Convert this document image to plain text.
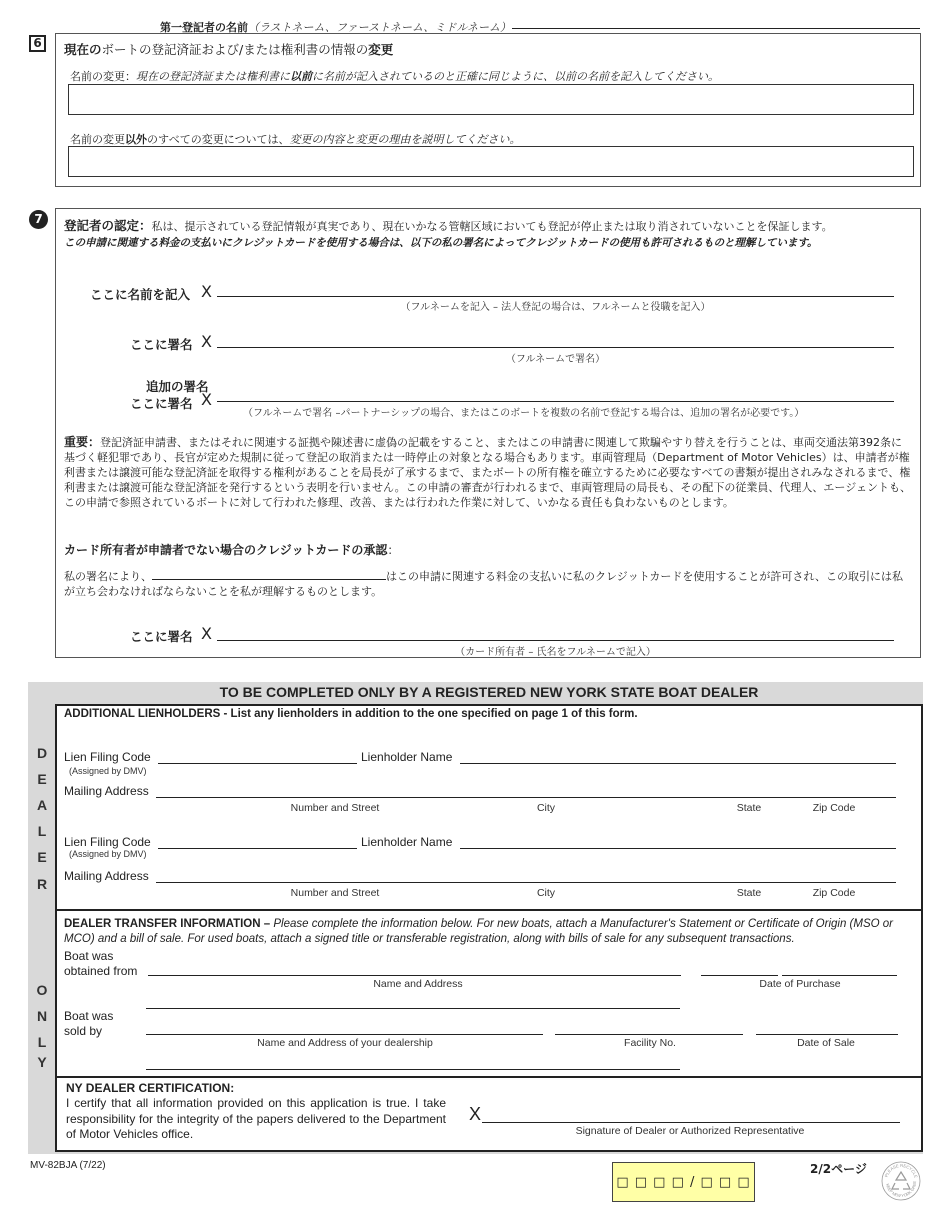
第一登記者の名前（ラストネーム、ファーストネーム、ミドルネーム）
6	現在のボートの登記済証および/または権利書の情報の変更
名前の変更：現在の登記済証または権利書に以前に名前が記入されているのと正確に同じように、以前の名前を記入してください。
名前の変更以外のすべての変更については、変更の内容と変更の理由を説明してください。
7	登記者の認定：私は、提示されている登記情報が真実であり、現在いかなる管轄区域においても登記が停止または取り消されていないことを保証します。
この申請に関連する料金の支払いにクレジットカードを使用する場合は、以下の私の署名によってクレジットカードの使用も許可されるものと理解しています。
ここに名前を記入 X
（フルネームを記入 – 法人登記の場合は、フルネームと役職を記入）
ここに署名 X
（フルネームで署名）
追加の署名
ここに署名 X
（フルネームで署名 –パートナーシップの場合、またはこのボートを複数の名前で登記する場合は、追加の署名が必要です。）
重要：登記済証申請書、またはそれに関連する証拠や陳述書に虚偽の記載をすること、またはこの申請書に関連して欺騙やすり替えを行うことは、車両交通法第392条に基づく軽犯罪であり、長官が定めた規制に従って登記の取消または一時停止の対象となる場合もあります。車両管理局（Department of Motor Vehicles）は、申請者が権利書または譲渡可能な登記済証を取得する権利があることを局長が了承するまで、またボートの所有権を確立するために必要なすべての書類が提出されみなされるまで、権利書または譲渡可能な登記済証を発行するという表明を行いません。この申請の審査が行われるまで、車両管理局の局長も、その配下の従業員、代理人、エージェントも、この申請で参照されているボートに対して行われた修理、改善、または行われた作業に対して、いかなる責任も負わないものとします。
カード所有者が申請者でない場合のクレジットカードの承認：
私の署名により、	はこの申請に関連する料金の支払いに私のクレジットカードを使用することが許可され、この取引には私が立ち会わなければならないことを私が理解するものとします。
ここに署名 X
（カード所有者 – 氏名をフルネームで記入）
TO BE COMPLETED ONLY BY A REGISTERED NEW YORK STATE BOAT DEALER
D
E
A
L
E
R
O
N
L
Y
ADDITIONAL LIENHOLDERS - List any lienholders in addition to the one specified on page 1 of this form.
Lien Filing Code
(Assigned by DMV)
Lienholder Name
Mailing Address
Number and Street	City	State	Zip Code
Lien Filing Code
(Assigned by DMV)
Lienholder Name
Mailing Address
Number and Street	City	State	Zip Code
DEALER TRANSFER INFORMATION – Please complete the information below. For new boats, attach a Manufacturer's Statement or Certificate of Origin (MSO or MCO) and a bill of sale. For used boats, attach a signed title or transferable registration, along with bills of sale for any subsequent transactions.
Boat was
obtained from
Name and Address	Date of Purchase
Boat was
sold by
Name and Address of your dealership	Facility No.	Date of Sale
NY DEALER CERTIFICATION:
I certify that all information provided on this application is true. I take responsibility for the integrity of the papers delivered to the Department of Motor Vehicles office.
X
Signature of Dealer or Authorized Representative
MV-82BJA (7/22)
□ □ □ □ / □ □ □
2/2ページ	PLEASE RECYCLE
KEEP NEW YORK GREE
